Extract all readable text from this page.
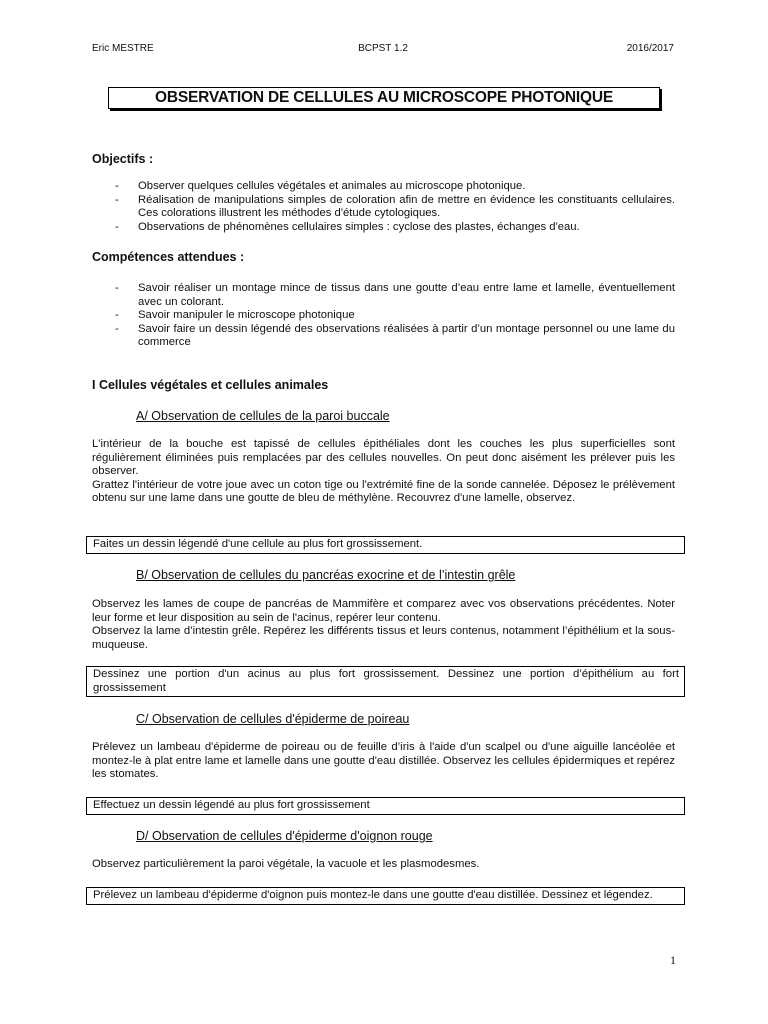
Eric MESTRE	BCPST 1.2	2016/2017
OBSERVATION DE CELLULES AU MICROSCOPE PHOTONIQUE
Objectifs :
- Observer quelques cellules végétales et animales au microscope photonique.
- Réalisation de manipulations simples de coloration afin de mettre en évidence les constituants cellulaires. Ces colorations illustrent les méthodes d'étude cytologiques.
- Observations de phénomènes cellulaires simples : cyclose des plastes, échanges d'eau.
Compétences attendues :
- Savoir réaliser un montage mince de tissus dans une goutte d’eau entre lame et lamelle, éventuellement avec un colorant.
- Savoir manipuler le microscope photonique
- Savoir faire un dessin légendé des observations réalisées à partir d’un montage personnel ou une lame du commerce
I Cellules végétales et cellules animales
A/ Observation de cellules de la paroi buccale
L'intérieur de la bouche est tapissé de cellules épithéliales dont les couches les plus superficielles sont régulièrement éliminées puis remplacées par des cellules nouvelles. On peut donc aisément les prélever puis les observer.
Grattez l'intérieur de votre joue avec un coton tige ou l'extrémité fine de la sonde cannelée. Déposez le prélèvement obtenu sur une lame dans une goutte de bleu de méthylène. Recouvrez d'une lamelle, observez.
Faites un dessin légendé d'une cellule au plus fort grossissement.
B/ Observation de cellules du pancréas exocrine et de l’intestin grêle
Observez les lames de coupe de pancréas de Mammifère et comparez avec vos observations précédentes. Noter leur forme et leur disposition au sein de l'acinus, repérer leur contenu.
Observez la lame d’intestin grêle. Repérez les différents tissus et leurs contenus, notamment l’épithélium et la sous-muqueuse.
Dessinez une portion d'un acinus au plus fort grossissement. Dessinez une portion d’épithélium au fort grossissement
C/ Observation de cellules d'épiderme de poireau
Prélevez un lambeau d'épiderme de poireau ou de feuille d’iris à l'aide d'un scalpel ou d'une aiguille lancéolée et montez-le à plat entre lame et lamelle dans une goutte d'eau distillée. Observez les cellules épidermiques et repérez les stomates.
Effectuez un dessin légendé au plus fort grossissement
D/ Observation de cellules d'épiderme d'oignon rouge
Observez particulièrement la paroi végétale, la vacuole et les plasmodesmes.
Prélevez un lambeau d'épiderme d'oignon puis montez-le dans une goutte d'eau distillée. Dessinez et légendez.
1
